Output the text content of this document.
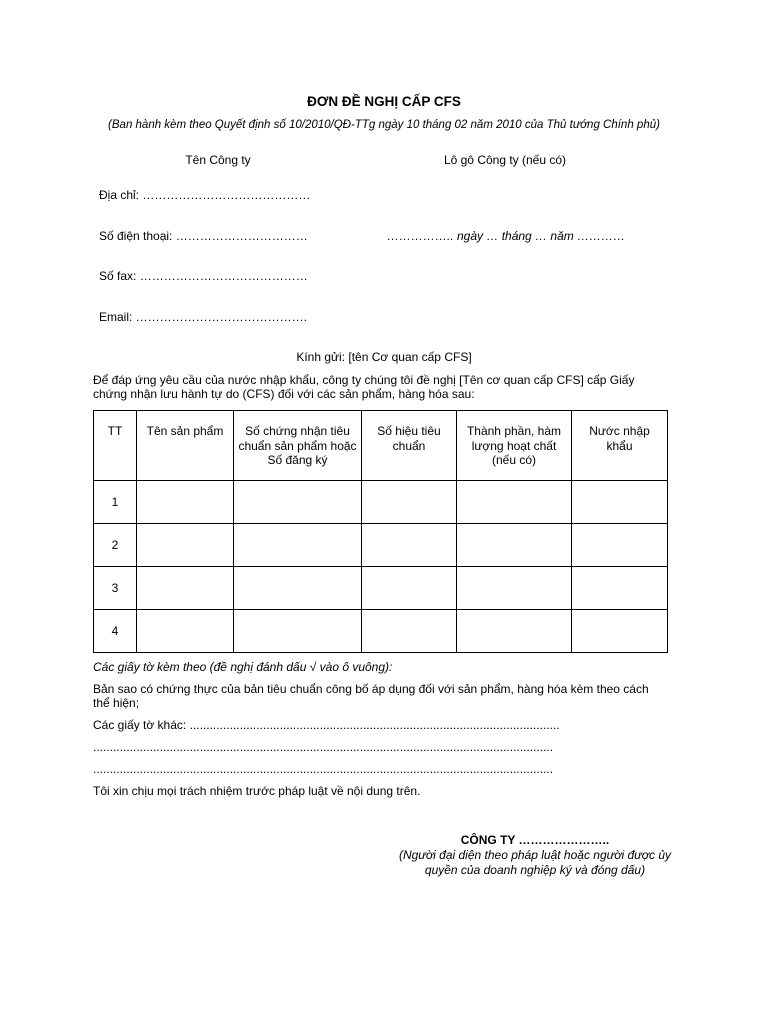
ĐƠN ĐỀ NGHỊ CẤP CFS
(Ban hành kèm theo Quyết định số 10/2010/QĐ-TTg ngày 10 tháng 02 năm 2010 của Thủ tướng Chính phủ)
Tên Công ty	Lô gô Công ty (nếu có)
Địa chỉ: ……………………………………
Số điện thoại: ……………………………	…………….. ngày … tháng … năm …………
Số fax: ……………………………………
Email: …………………………………….
Kính gửi: [tên Cơ quan cấp CFS]
Để đáp ứng yêu cầu của nước nhập khẩu, công ty chúng tôi đề nghị [Tên cơ quan cấp CFS] cấp Giấy chứng nhận lưu hành tự do (CFS) đối với các sản phẩm, hàng hóa sau:
TT	Tên sản phẩm	Số chứng nhận tiêu chuẩn sản phẩm hoặc Số đăng ký	Số hiệu tiêu chuẩn	Thành phần, hàm lượng hoạt chất (nếu có)	Nước nhập khẩu
1					
2					
3					
4					
Các giấy tờ kèm theo (đề nghị đánh dấu √ vào ô vuông):
Bản sao có chứng thực của bản tiêu chuẩn công bố áp dụng đối với sản phẩm, hàng hóa kèm theo cách thể hiện;
Các giấy tờ khác: ...............................................................................................................
..........................................................................................................................................
..........................................................................................................................................
Tôi xin chịu mọi trách nhiệm trước pháp luật về nội dung trên.
CÔNG TY …………………..
(Người đại diện theo pháp luật hoặc người được ủy quyền của doanh nghiệp ký và đóng dấu)
